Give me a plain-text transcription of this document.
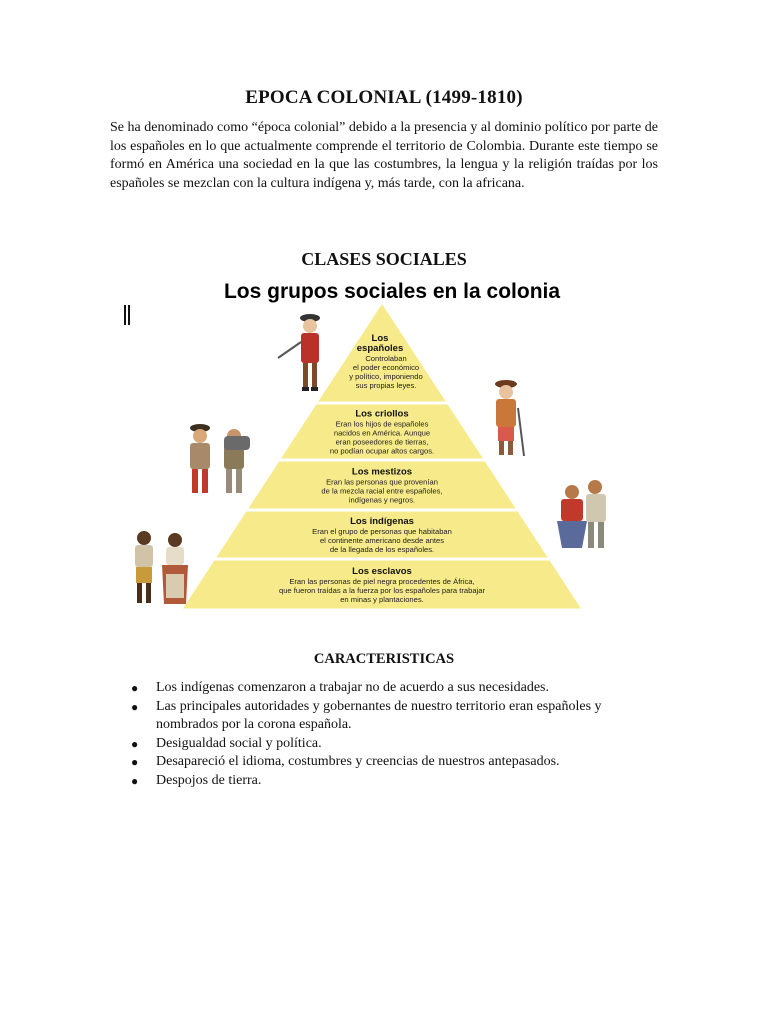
EPOCA COLONIAL (1499-1810)
Se ha denominado como “época colonial” debido a la presencia y al dominio político por parte de los españoles en lo que actualmente comprende el territorio de Colombia. Durante este tiempo se formó en América una sociedad en la que las costumbres, la lengua y la religión traídas por los españoles se mezclan con la cultura indígena y, más tarde, con la africana.
CLASES SOCIALES
Los grupos sociales en la colonia
Los
españoles
Controlaban
el poder económico
y político, imponiendo
sus propias leyes.
Los criollos
Eran los hijos de españoles
nacidos en América. Aunque
eran poseedores de tierras,
no podían ocupar altos cargos.
Los mestizos
Eran las personas que provenían
de la mezcla racial entre españoles,
indígenas y negros.
Los indígenas
Eran el grupo de personas que habitaban
el continente americano desde antes
de la llegada de los españoles.
Los esclavos
Eran las personas de piel negra procedentes de África,
que fueron traídas a la fuerza por los españoles para trabajar
en minas y plantaciones.
CARACTERISTICAS
● Los indígenas comenzaron a trabajar no de acuerdo a sus necesidades.
● Las principales autoridades y gobernantes de nuestro territorio eran españoles y nombrados por la corona española.
● Desigualdad social y política.
● Desapareció el idioma, costumbres y creencias de nuestros antepasados.
● Despojos de tierra.
